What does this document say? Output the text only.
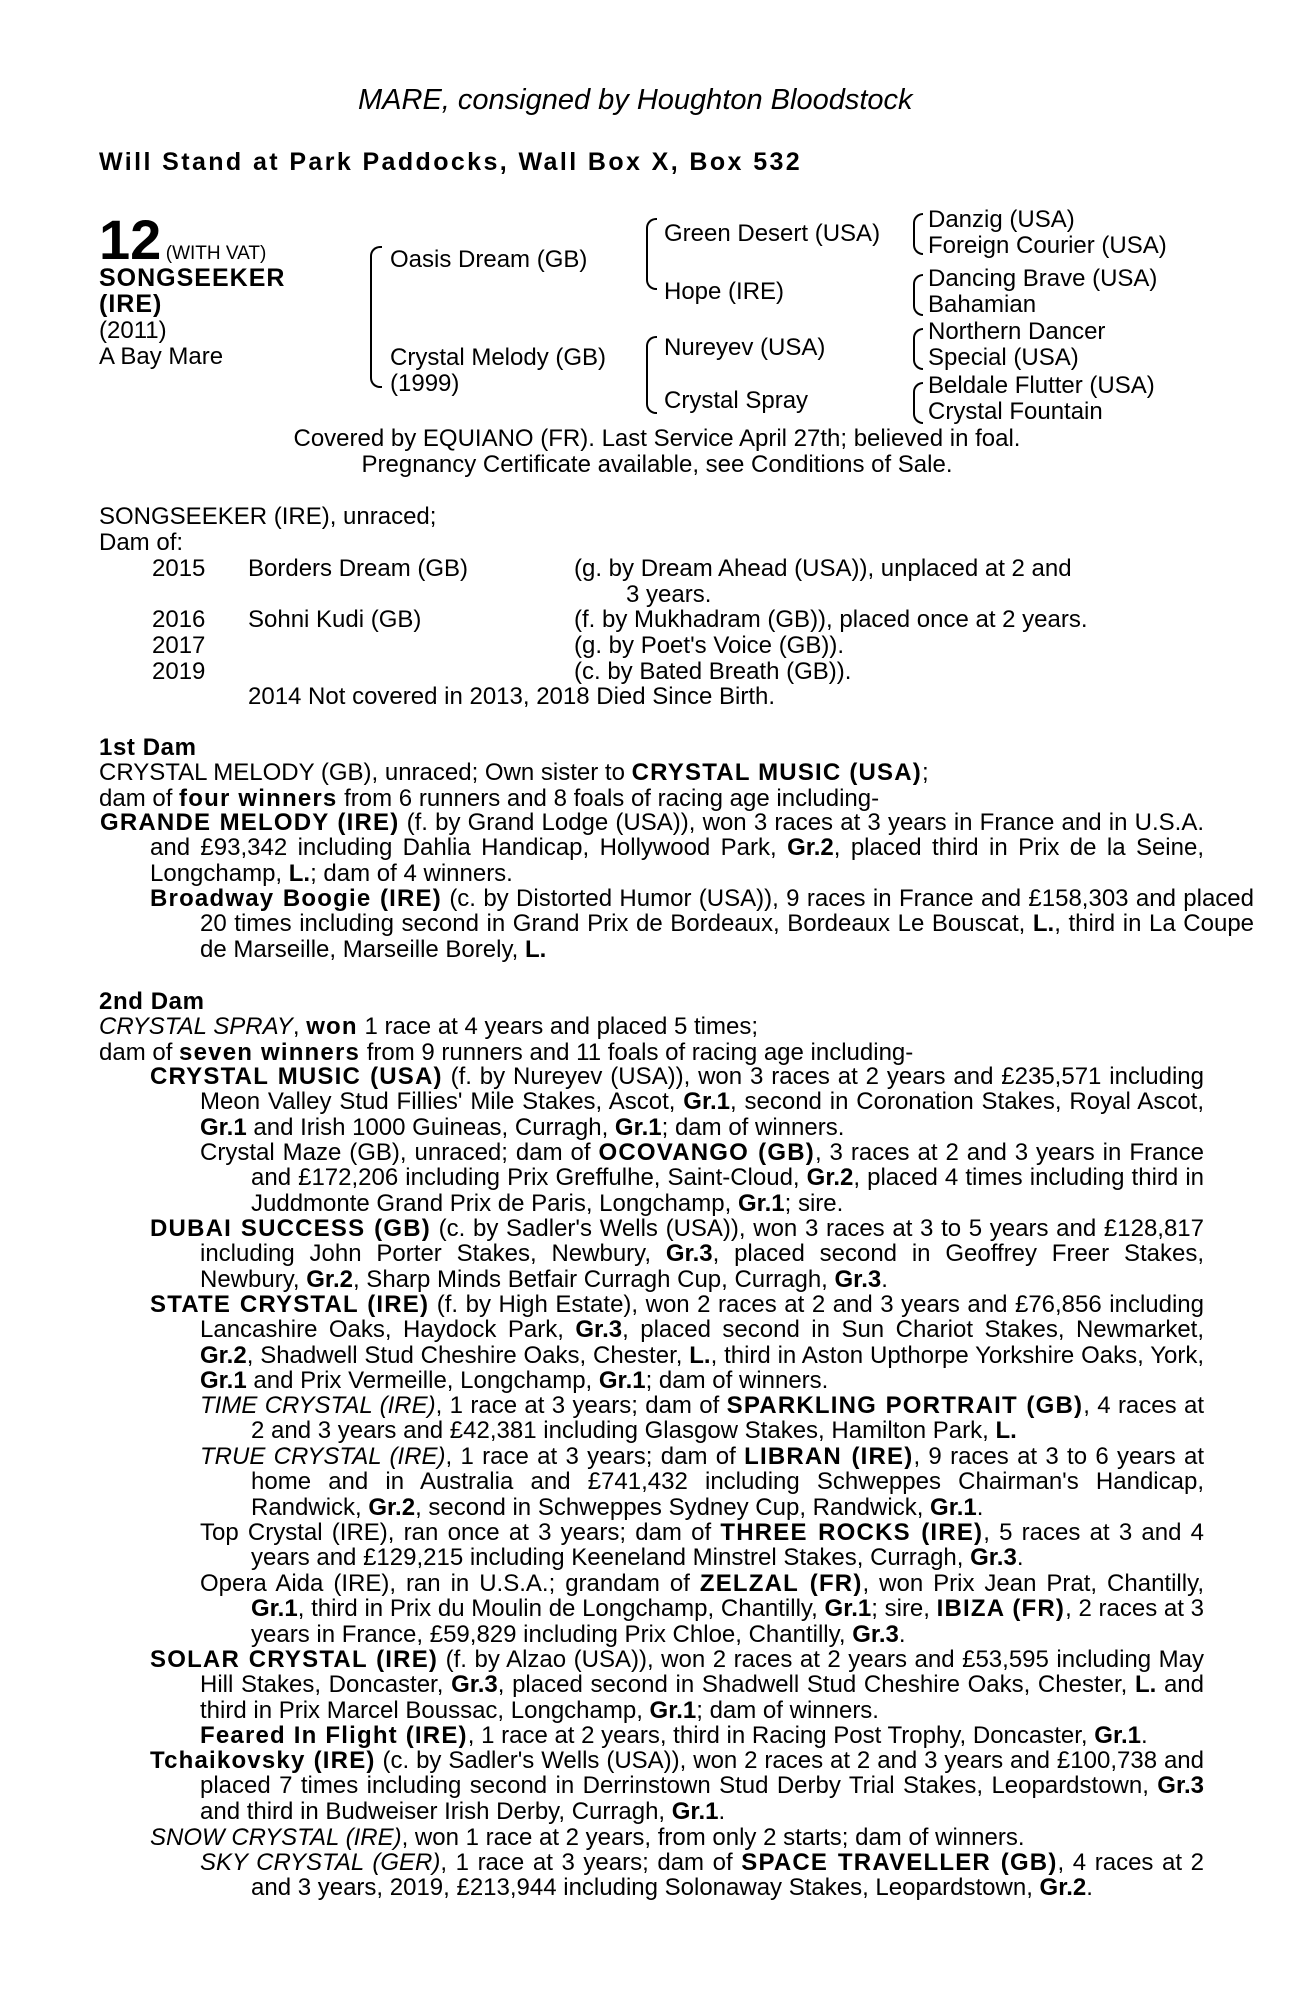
MARE, consigned by Houghton Bloodstock
Will Stand at Park Paddocks, Wall Box X, Box 532
12 (WITH VAT)
SONGSEEKER
(IRE)
(2011)
A Bay Mare
Oasis Dream (GB)
Crystal Melody (GB)
(1999)
Green Desert (USA)
Hope (IRE)
Nureyev (USA)
Crystal Spray
Danzig (USA)
Foreign Courier (USA)
Dancing Brave (USA)
Bahamian
Northern Dancer
Special (USA)
Beldale Flutter (USA)
Crystal Fountain
Covered by EQUIANO (FR). Last Service April 27th; believed in foal.
Pregnancy Certificate available, see Conditions of Sale.
SONGSEEKER (IRE), unraced;
Dam of:
2015 Borders Dream (GB)	(g. by Dream Ahead (USA)), unplaced at 2 and
3 years.
2016 Sohni Kudi (GB)	(f. by Mukhadram (GB)), placed once at 2 years.
2017	(g. by Poet's Voice (GB)).
2019	(c. by Bated Breath (GB)).
2014 Not covered in 2013, 2018 Died Since Birth.
1st Dam
CRYSTAL MELODY (GB), unraced; Own sister to CRYSTAL MUSIC (USA);
dam of four winners from 6 runners and 8 foals of racing age including-
GRANDE MELODY (IRE) (f. by Grand Lodge (USA)), won 3 races at 3 years in France and in U.S.A. and £93,342 including Dahlia Handicap, Hollywood Park, Gr.2, placed third in Prix de la Seine, Longchamp, L.; dam of 4 winners.
Broadway Boogie (IRE) (c. by Distorted Humor (USA)), 9 races in France and £158,303 and placed 20 times including second in Grand Prix de Bordeaux, Bordeaux Le Bouscat, L., third in La Coupe de Marseille, Marseille Borely, L.
2nd Dam
CRYSTAL SPRAY, won 1 race at 4 years and placed 5 times;
dam of seven winners from 9 runners and 11 foals of racing age including-
CRYSTAL MUSIC (USA) (f. by Nureyev (USA)), won 3 races at 2 years and £235,571 including Meon Valley Stud Fillies' Mile Stakes, Ascot, Gr.1, second in Coronation Stakes, Royal Ascot, Gr.1 and Irish 1000 Guineas, Curragh, Gr.1; dam of winners.
Crystal Maze (GB), unraced; dam of OCOVANGO (GB), 3 races at 2 and 3 years in France and £172,206 including Prix Greffulhe, Saint-Cloud, Gr.2, placed 4 times including third in Juddmonte Grand Prix de Paris, Longchamp, Gr.1; sire.
DUBAI SUCCESS (GB) (c. by Sadler's Wells (USA)), won 3 races at 3 to 5 years and £128,817 including John Porter Stakes, Newbury, Gr.3, placed second in Geoffrey Freer Stakes, Newbury, Gr.2, Sharp Minds Betfair Curragh Cup, Curragh, Gr.3.
STATE CRYSTAL (IRE) (f. by High Estate), won 2 races at 2 and 3 years and £76,856 including Lancashire Oaks, Haydock Park, Gr.3, placed second in Sun Chariot Stakes, Newmarket, Gr.2, Shadwell Stud Cheshire Oaks, Chester, L., third in Aston Upthorpe Yorkshire Oaks, York, Gr.1 and Prix Vermeille, Longchamp, Gr.1; dam of winners.
TIME CRYSTAL (IRE), 1 race at 3 years; dam of SPARKLING PORTRAIT (GB), 4 races at 2 and 3 years and £42,381 including Glasgow Stakes, Hamilton Park, L.
TRUE CRYSTAL (IRE), 1 race at 3 years; dam of LIBRAN (IRE), 9 races at 3 to 6 years at home and in Australia and £741,432 including Schweppes Chairman's Handicap, Randwick, Gr.2, second in Schweppes Sydney Cup, Randwick, Gr.1.
Top Crystal (IRE), ran once at 3 years; dam of THREE ROCKS (IRE), 5 races at 3 and 4 years and £129,215 including Keeneland Minstrel Stakes, Curragh, Gr.3.
Opera Aida (IRE), ran in U.S.A.; grandam of ZELZAL (FR), won Prix Jean Prat, Chantilly, Gr.1, third in Prix du Moulin de Longchamp, Chantilly, Gr.1; sire, IBIZA (FR), 2 races at 3 years in France, £59,829 including Prix Chloe, Chantilly, Gr.3.
SOLAR CRYSTAL (IRE) (f. by Alzao (USA)), won 2 races at 2 years and £53,595 including May Hill Stakes, Doncaster, Gr.3, placed second in Shadwell Stud Cheshire Oaks, Chester, L. and third in Prix Marcel Boussac, Longchamp, Gr.1; dam of winners.
Feared In Flight (IRE), 1 race at 2 years, third in Racing Post Trophy, Doncaster, Gr.1.
Tchaikovsky (IRE) (c. by Sadler's Wells (USA)), won 2 races at 2 and 3 years and £100,738 and placed 7 times including second in Derrinstown Stud Derby Trial Stakes, Leopardstown, Gr.3 and third in Budweiser Irish Derby, Curragh, Gr.1.
SNOW CRYSTAL (IRE), won 1 race at 2 years, from only 2 starts; dam of winners.
SKY CRYSTAL (GER), 1 race at 3 years; dam of SPACE TRAVELLER (GB), 4 races at 2 and 3 years, 2019, £213,944 including Solonaway Stakes, Leopardstown, Gr.2.
